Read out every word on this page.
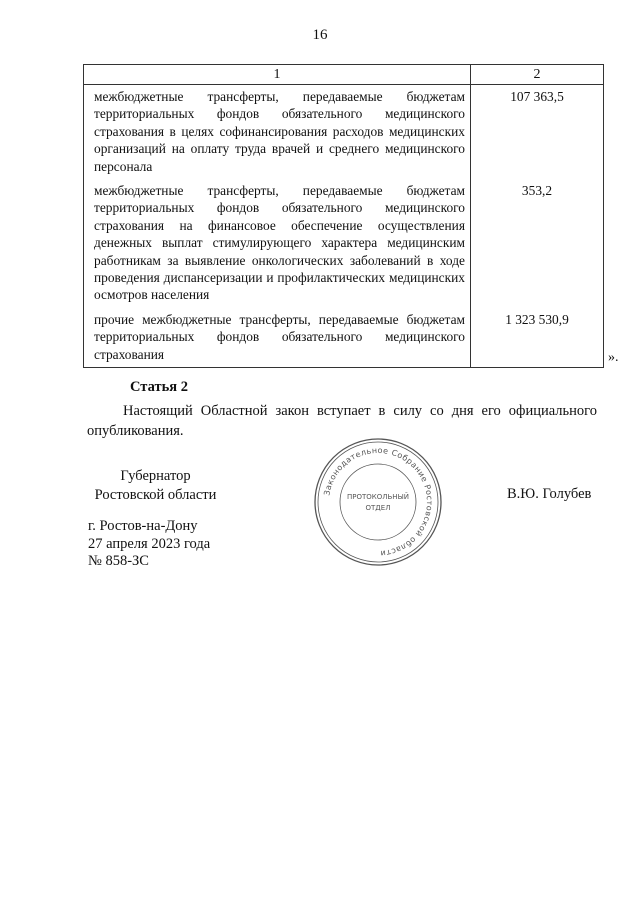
16
1	2

межбюджетные трансферты, передаваемые бюджетам территориальных фондов обязательного медицинского страхования в целях софинансирования расходов медицинских организаций на оплату труда врачей и среднего медицинского персонала	107 363,5

межбюджетные трансферты, передаваемые бюджетам территориальных фондов обязательного медицинского страхования на финансовое обеспечение осуществления денежных выплат стимулирующего характера медицинским работникам за выявление онкологических заболеваний в ходе проведения диспансеризации и профилактических медицинских осмотров населения	353,2

прочие межбюджетные трансферты, передаваемые бюджетам территориальных фондов обязательного медицинского страхования	1 323 530,9
».
Статья 2
Настоящий Областной закон вступает в силу со дня его официального опубликования.
Губернатор
Ростовской области	В.Ю. Голубев
г. Ростов-на-Дону
27 апреля 2023 года
№ 858-ЗС
Законодательное Собрание Ростовской области
ПРОТОКОЛЬНЫЙ
ОТДЕЛ
